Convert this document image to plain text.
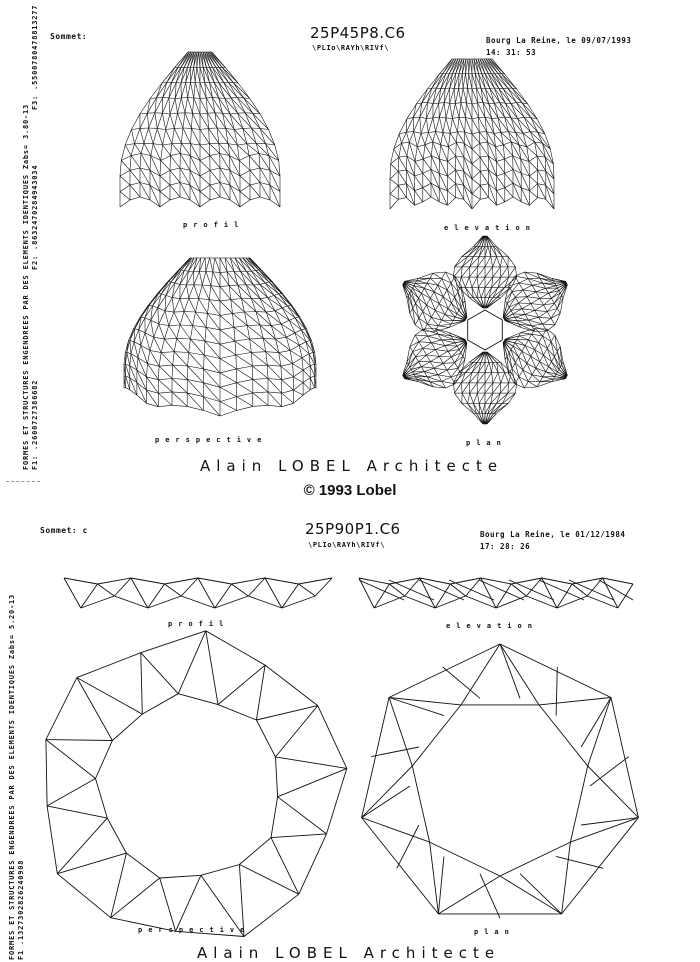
Sommet:	25P45P8.C6
\PLIo\RAYh\RIVf\
Bourg La Reine, le 09/07/1993
14: 31: 53
FORMES ET STRUCTURES ENGENDREES PAR DES ELEMENTS IDENTIQUES Zabs= 3.80-13 F1: .2600727386682
F2: .8632470284943034
F3: .5500780478813277
profil	elevation
perspective	plan
Alain LOBEL Architecte
© 1993 Lobel
Sommet: c	25P90P1.C6
\PLIo\RAYh\RIVf\
Bourg La Reine, le 01/12/1984
17: 28: 26
FORMES ET STRUCTURES ENGENDREES PAR DES ELEMENTS IDENTIQUES Zabs= 5.20-13 F1 .1327302826240908
profil	elevation
perspective	plan
Alain LOBEL Architecte
